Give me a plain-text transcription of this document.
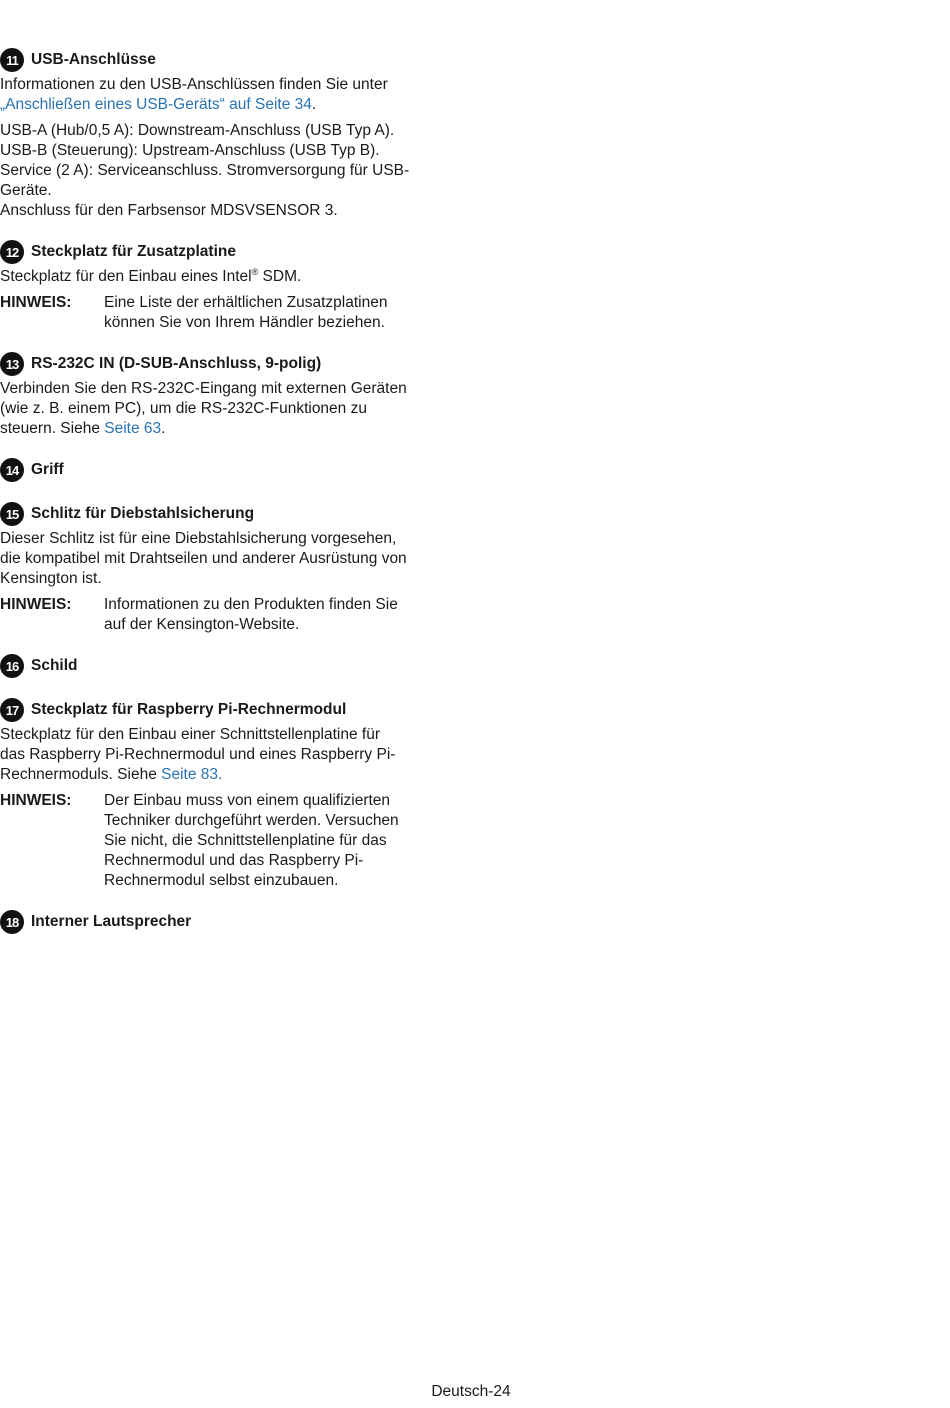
11 USB-Anschlüsse

Informationen zu den USB-Anschlüssen finden Sie unter
„Anschließen eines USB-Geräts“ auf Seite 34.

USB-A (Hub/0,5 A): Downstream-Anschluss (USB Typ A).
USB-B (Steuerung): Upstream-Anschluss (USB Typ B).
Service (2 A): Serviceanschluss. Stromversorgung für USB-
Geräte.
Anschluss für den Farbsensor MDSVSENSOR 3.

12 Steckplatz für Zusatzplatine

Steckplatz für den Einbau eines Intel® SDM.

HINWEIS:	Eine Liste der erhältlichen Zusatzplatinen
können Sie von Ihrem Händler beziehen.
13 RS-232C IN (D-SUB-Anschluss, 9-polig)

Verbinden Sie den RS-232C-Eingang mit externen Geräten
(wie z. B. einem PC), um die RS-232C-Funktionen zu
steuern. Siehe Seite 63.

14 Griff
15 Schlitz für Diebstahlsicherung

Dieser Schlitz ist für eine Diebstahlsicherung vorgesehen,
die kompatibel mit Drahtseilen und anderer Ausrüstung von
Kensington ist.

HINWEIS:	Informationen zu den Produkten finden Sie
auf der Kensington-Website.
16 Schild
17 Steckplatz für Raspberry Pi-Rechnermodul

Steckplatz für den Einbau einer Schnittstellenplatine für
das Raspberry Pi-Rechnermodul und eines Raspberry Pi-
Rechnermoduls. Siehe Seite 83.

HINWEIS:	Der Einbau muss von einem qualifizierten
Techniker durchgeführt werden. Versuchen
Sie nicht, die Schnittstellenplatine für das
Rechnermodul und das Raspberry Pi-
Rechnermodul selbst einzubauen.
18 Interner Lautsprecher
Deutsch-24
